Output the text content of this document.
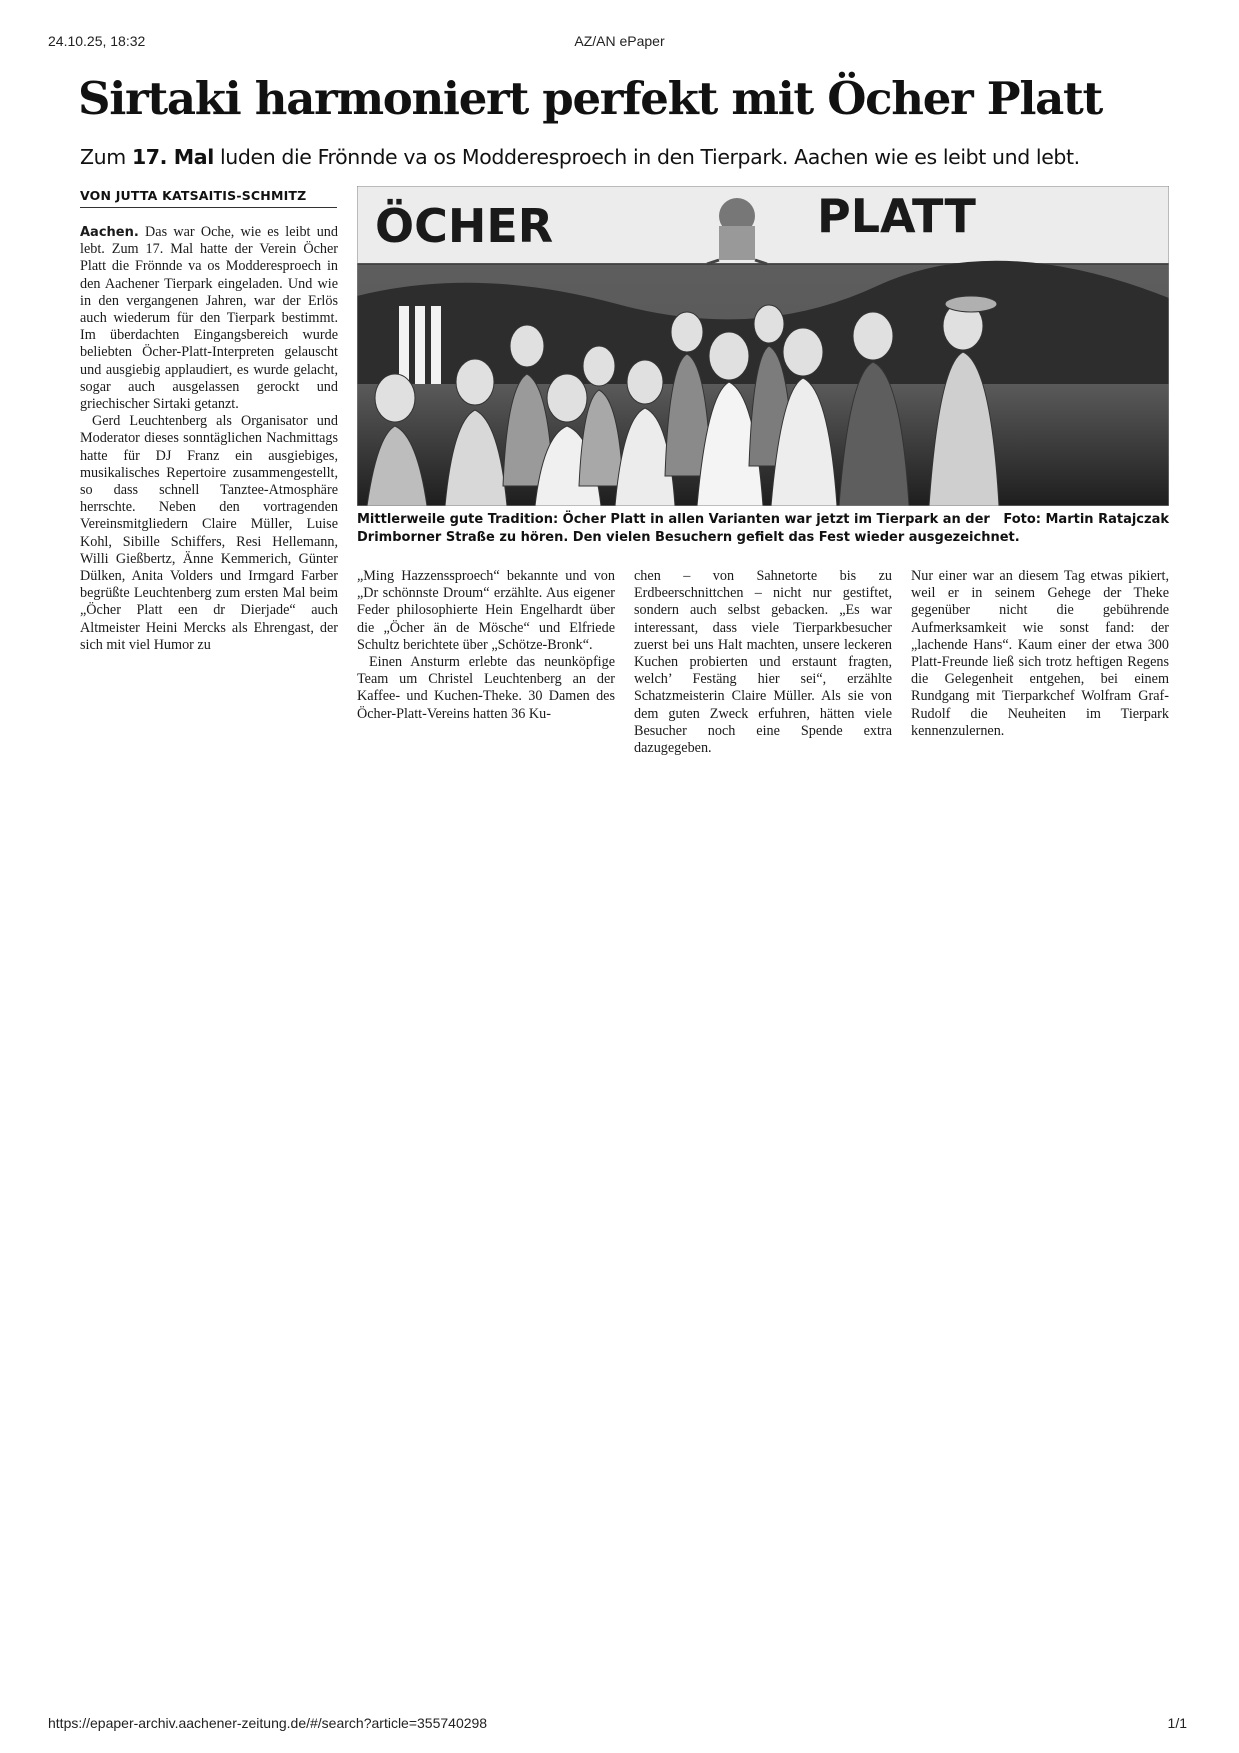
24.10.25, 18:32	AZ/AN ePaper
Sirtaki harmoniert perfekt mit Öcher Platt
Zum 17. Mal luden die Frönnde va os Modderesproech in den Tierpark. Aachen wie es leibt und lebt.
VON JUTTA KATSAITIS-SCHMITZ

Aachen. Das war Oche, wie es leibt und lebt. Zum 17. Mal hatte der Verein Öcher Platt die Frönnde va os Modderesproech in den Aachener Tierpark eingeladen. Und wie in den vergangenen Jahren, war der Erlös auch wiederum für den Tierpark bestimmt. Im überdachten Eingangsbereich wurde beliebten Öcher-Platt-Interpreten gelauscht und ausgiebig applaudiert, es wurde gelacht, sogar auch ausgelassen gerockt und griechischer Sirtaki getanzt.

Gerd Leuchtenberg als Organisator und Moderator dieses sonntäglichen Nachmittags hatte für DJ Franz ein ausgiebiges, musikalisches Repertoire zusammengestellt, so dass schnell Tanztee-Atmosphäre herrschte. Neben den vortragenden Vereinsmitgliedern Claire Müller, Luise Kohl, Sibille Schiffers, Resi Hellemann, Willi Gießbertz, Änne Kemmerich, Günter Dülken, Anita Volders und Irmgard Farber begrüßte Leuchtenberg zum ersten Mal beim „Öcher Platt een dr Dierjade“ auch Altmeister Heini Mercks als Ehrengast, der sich mit viel Humor zu

ÖCHER	PLATT
Foto: Martin Ratajczak
Mittlerweile gute Tradition: Öcher Platt in allen Varianten war jetzt im Tierpark an der Drimborner Straße zu hören. Den vielen Besuchern gefielt das Fest wieder ausgezeichnet.

„Ming Hazzenssproech“ bekannte und von „Dr schönnste Droum“ erzählte. Aus eigener Feder philosophierte Hein Engelhardt über die „Öcher än de Mösche“ und Elfriede Schultz berichtete über „Schötze-Bronk“.

Einen Ansturm erlebte das neunköpfige Team um Christel Leuchtenberg an der Kaffee- und Kuchen-Theke. 30 Damen des Öcher-Platt-Vereins hatten 36 Ku-

chen – von Sahnetorte bis zu Erdbeerschnittchen – nicht nur gestiftet, sondern auch selbst gebacken. „Es war interessant, dass viele Tierparkbesucher zuerst bei uns Halt machten, unsere leckeren Kuchen probierten und erstaunt fragten, welch’ Festäng hier sei“, erzählte Schatzmeisterin Claire Müller. Als sie von dem guten Zweck erfuhren, hätten viele Besucher noch eine Spende extra dazugegeben.

Nur einer war an diesem Tag etwas pikiert, weil er in seinem Gehege der Theke gegenüber nicht die gebührende Aufmerksamkeit wie sonst fand: der „lachende Hans“. Kaum einer der etwa 300 Platt-Freunde ließ sich trotz heftigen Regens die Gelegenheit entgehen, bei einem Rundgang mit Tierparkchef Wolfram Graf-Rudolf die Neuheiten im Tierpark kennenzulernen.

https://epaper-archiv.aachener-zeitung.de/#/search?article=355740298	1/1
